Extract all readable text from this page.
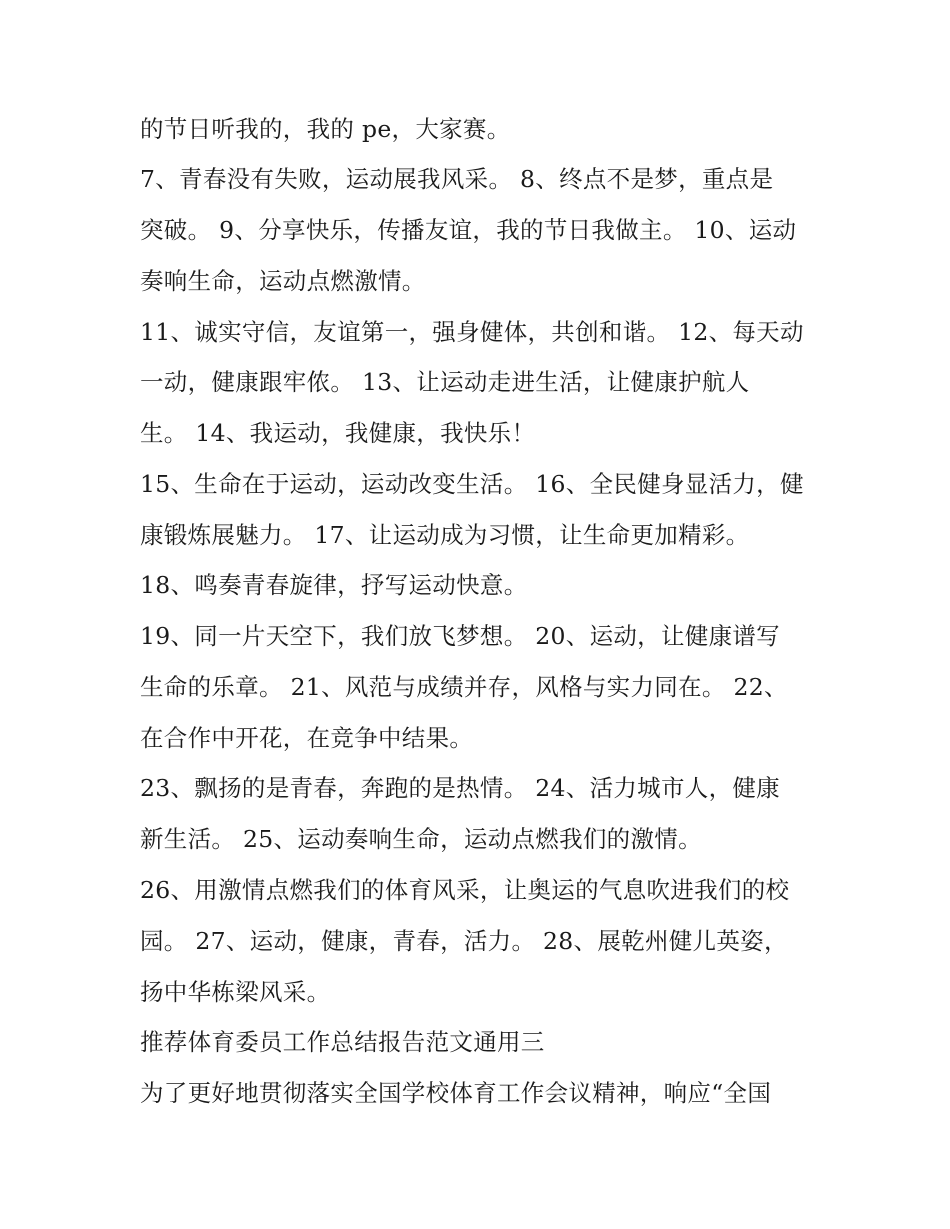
的节日听我的，我的 pe，大家赛。
7、青春没有失败，运动展我风采。 8、终点不是梦，重点是
突破。 9、分享快乐，传播友谊，我的节日我做主。 10、运动
奏响生命，运动点燃激情。
11、诚实守信，友谊第一，强身健体，共创和谐。 12、每天动
一动，健康跟牢侬。 13、让运动走进生活，让健康护航人
生。 14、我运动，我健康，我快乐！
15、生命在于运动，运动改变生活。 16、全民健身显活力，健
康锻炼展魅力。 17、让运动成为习惯，让生命更加精彩。
18、鸣奏青春旋律，抒写运动快意。
19、同一片天空下，我们放飞梦想。 20、运动，让健康谱写
生命的乐章。 21、风范与成绩并存，风格与实力同在。 22、
在合作中开花，在竞争中结果。
23、飘扬的是青春，奔跑的是热情。 24、活力城市人，健康
新生活。 25、运动奏响生命，运动点燃我们的激情。
26、用激情点燃我们的体育风采，让奥运的气息吹进我们的校
园。 27、运动，健康，青春，活力。 28、展乾州健儿英姿，
扬中华栋梁风采。
推荐体育委员工作总结报告范文通用三
为了更好地贯彻落实全国学校体育工作会议精神，响应“全国
